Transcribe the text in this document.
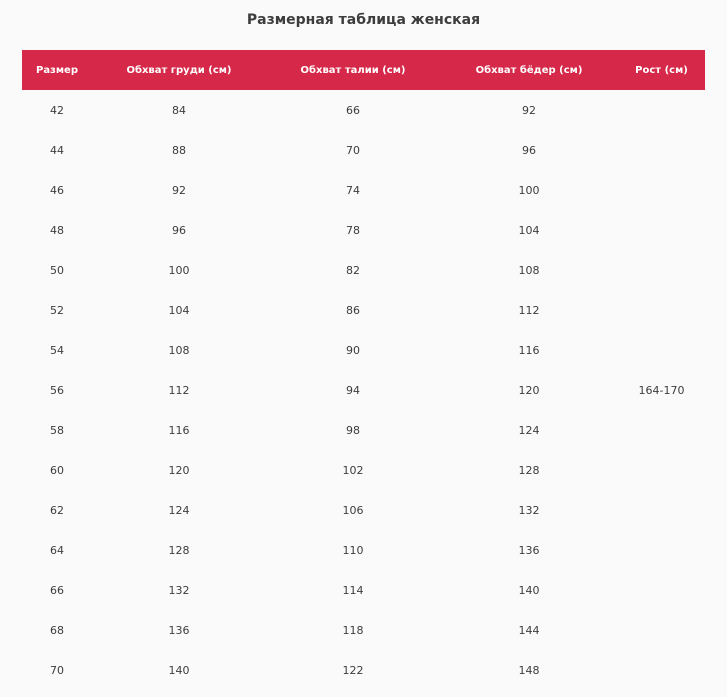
Размерная таблица женская
Размер	Обхват груди (см)	Обхват талии (см)	Обхват бёдер (см)	Рост (см)
42	84	66	92	
44	88	70	96	
46	92	74	100	
48	96	78	104	
50	100	82	108	
52	104	86	112	
54	108	90	116	
56	112	94	120	164-170
58	116	98	124	
60	120	102	128	
62	124	106	132	
64	128	110	136	
66	132	114	140	
68	136	118	144	
70	140	122	148	
